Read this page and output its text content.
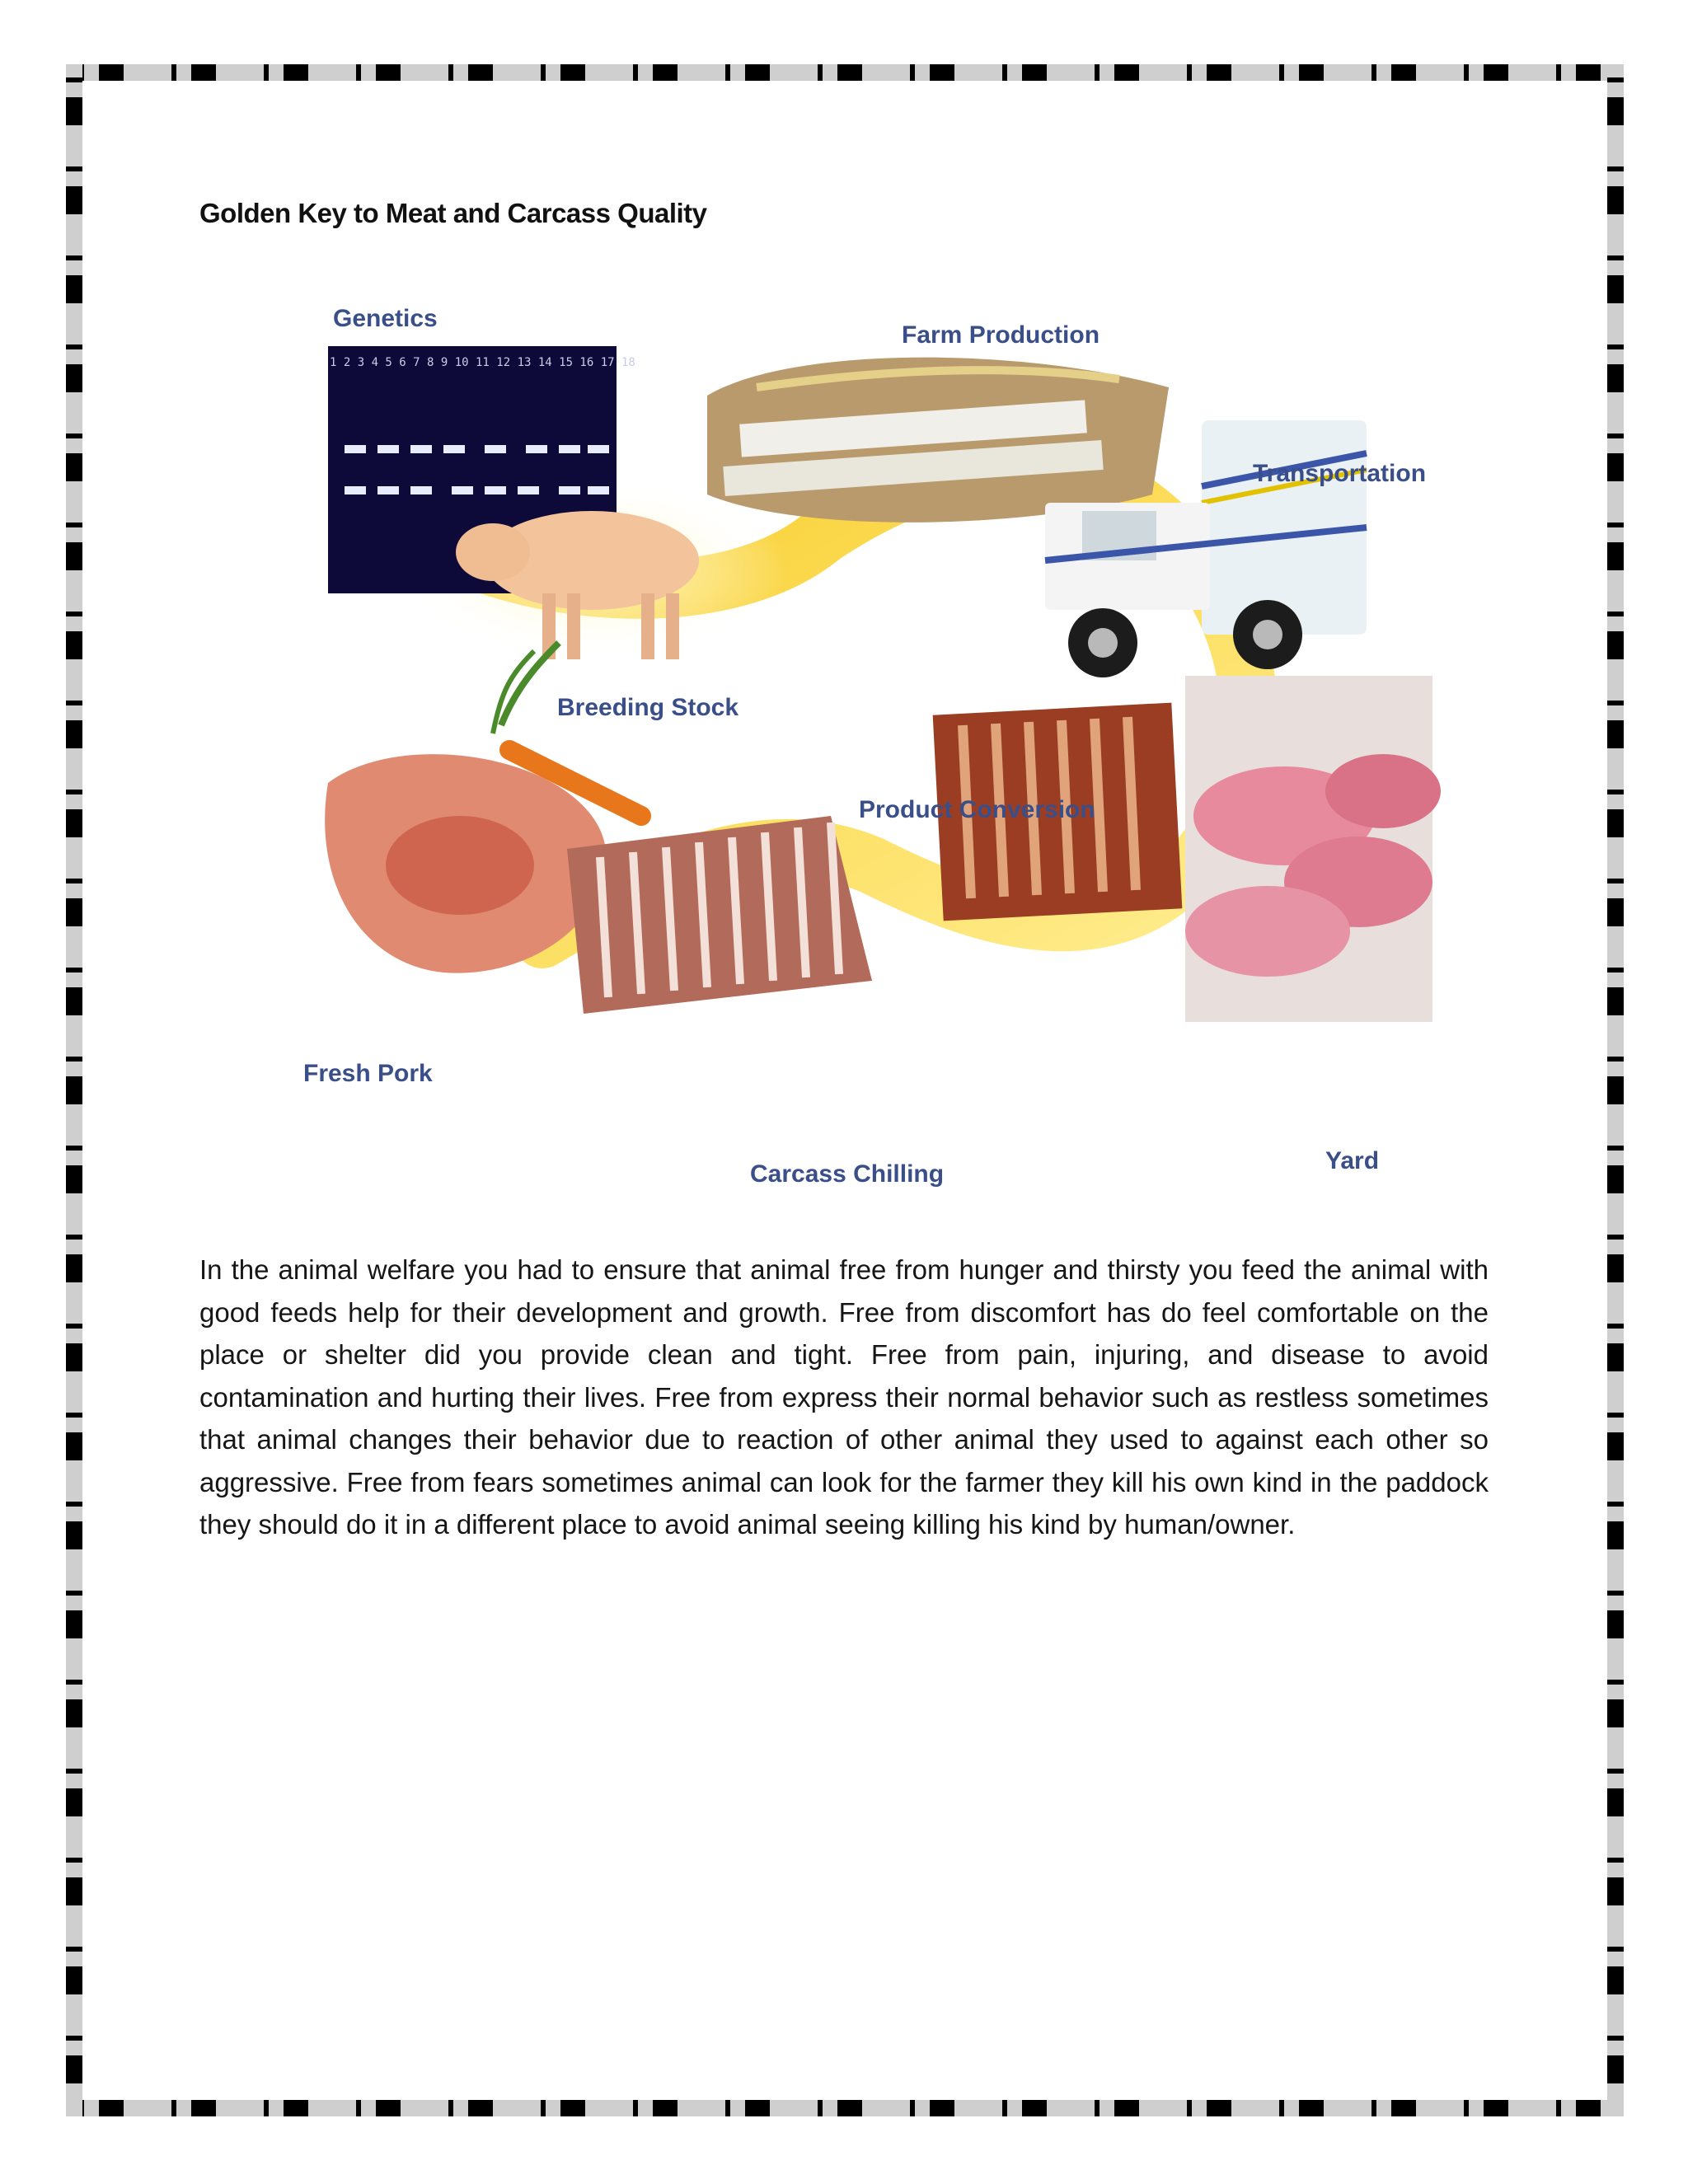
Golden Key to Meat and Carcass Quality
1 2 3 4 5 6 7 8 9 10 11 12 13 14 15 16 17 18
Genetics
Farm Production
Transportation
Breeding Stock
Product Conversion
Fresh Pork
Carcass Chilling	Yard

In the animal welfare you had to ensure that animal free from hunger and thirsty you feed the animal with good feeds help for their development and growth. Free from discomfort has do feel comfortable on the place or shelter did you provide clean and tight. Free from pain, injuring, and disease to avoid contamination and hurting their lives. Free from express their normal behavior such as restless sometimes that animal changes their behavior due to reaction of other animal they used to against each other so aggressive. Free from fears sometimes animal can look for the farmer they kill his own kind in the paddock they should do it in a different place to avoid animal seeing killing his kind by human/owner.
